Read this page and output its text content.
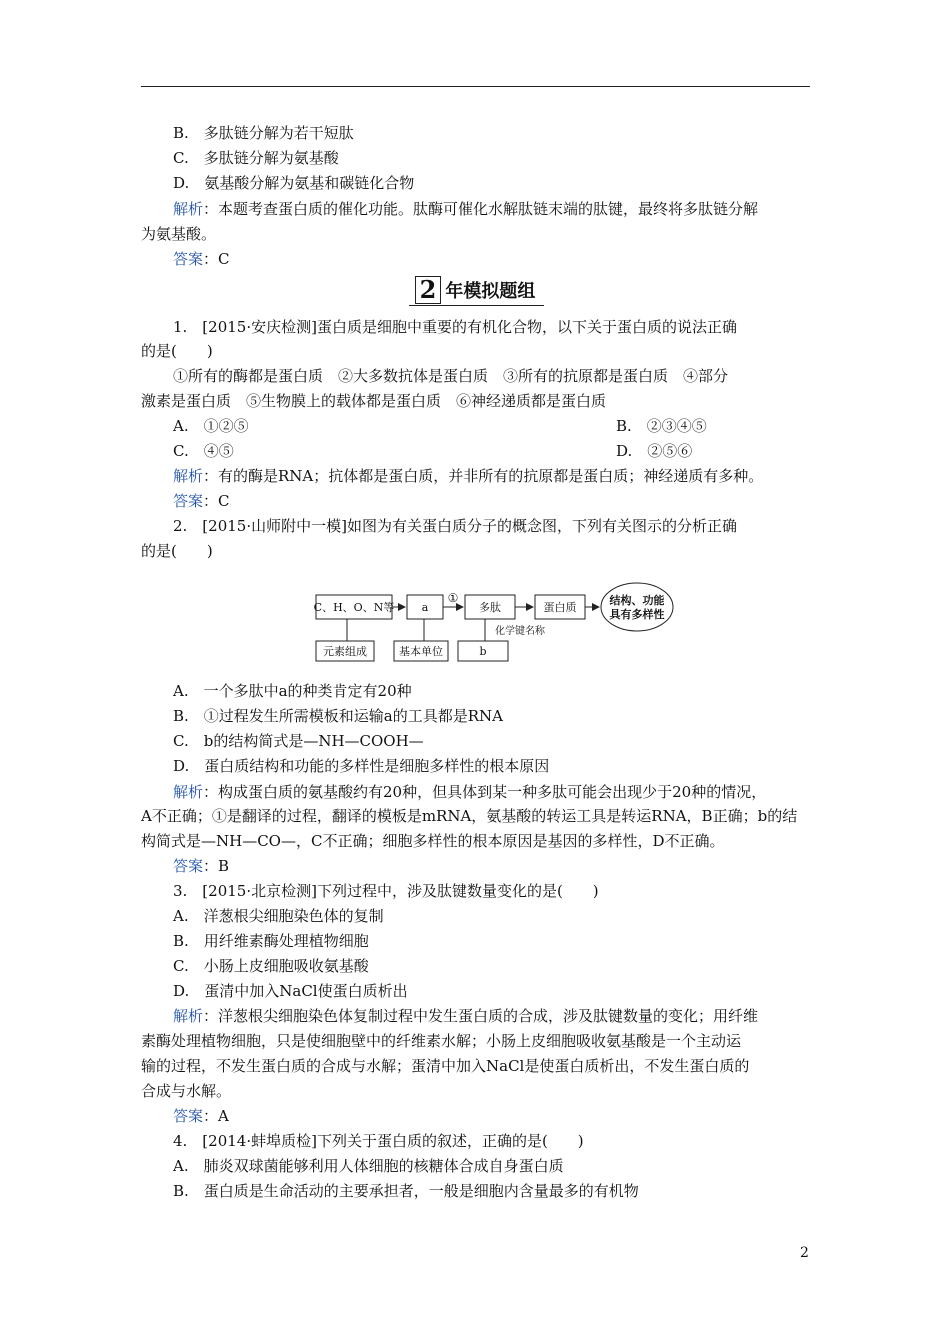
B.　多肽链分解为若干短肽
C.　多肽链分解为氨基酸
D.　氨基酸分解为氨基和碳链化合物
解析：本题考查蛋白质的催化功能。肽酶可催化水解肽链末端的肽键，最终将多肽链分解
为氨基酸。
答案：C
2 年模拟题组
1.　[2015·安庆检测]蛋白质是细胞中重要的有机化合物，以下关于蛋白质的说法正确
的是(　　)
①所有的酶都是蛋白质　②大多数抗体是蛋白质　③所有的抗原都是蛋白质　④部分
激素是蛋白质　⑤生物膜上的载体都是蛋白质　⑥神经递质都是蛋白质
A.　①②⑤	B.　②③④⑤
C.　④⑤	D.　②⑤⑥
解析：有的酶是RNA；抗体都是蛋白质，并非所有的抗原都是蛋白质；神经递质有多种。
答案：C
2.　[2015·山师附中一模]如图为有关蛋白质分子的概念图，下列有关图示的分析正确
的是(　　)
C、H、O、N等 a
①
多肽	蛋白质
结构、功能
具有多样性
元素组成	基本单位
化学键名称
b
A.　一个多肽中a的种类肯定有20种
B.　①过程发生所需模板和运输a的工具都是RNA
C.　b的结构简式是—NH—COOH—
D.　蛋白质结构和功能的多样性是细胞多样性的根本原因
解析：构成蛋白质的氨基酸约有20种，但具体到某一种多肽可能会出现少于20种的情况，
A不正确；①是翻译的过程，翻译的模板是mRNA，氨基酸的转运工具是转运RNA，B正确；b的结
构简式是—NH—CO—，C不正确；细胞多样性的根本原因是基因的多样性，D不正确。
答案：B
3.　[2015·北京检测]下列过程中，涉及肽键数量变化的是(　　)
A.　洋葱根尖细胞染色体的复制
B.　用纤维素酶处理植物细胞
C.　小肠上皮细胞吸收氨基酸
D.　蛋清中加入NaCl使蛋白质析出
解析：洋葱根尖细胞染色体复制过程中发生蛋白质的合成，涉及肽键数量的变化；用纤维
素酶处理植物细胞，只是使细胞壁中的纤维素水解；小肠上皮细胞吸收氨基酸是一个主动运
输的过程，不发生蛋白质的合成与水解；蛋清中加入NaCl是使蛋白质析出，不发生蛋白质的
合成与水解。
答案：A
4.　[2014·蚌埠质检]下列关于蛋白质的叙述，正确的是(　　)
A.　肺炎双球菌能够利用人体细胞的核糖体合成自身蛋白质
B.　蛋白质是生命活动的主要承担者，一般是细胞内含量最多的有机物
2
